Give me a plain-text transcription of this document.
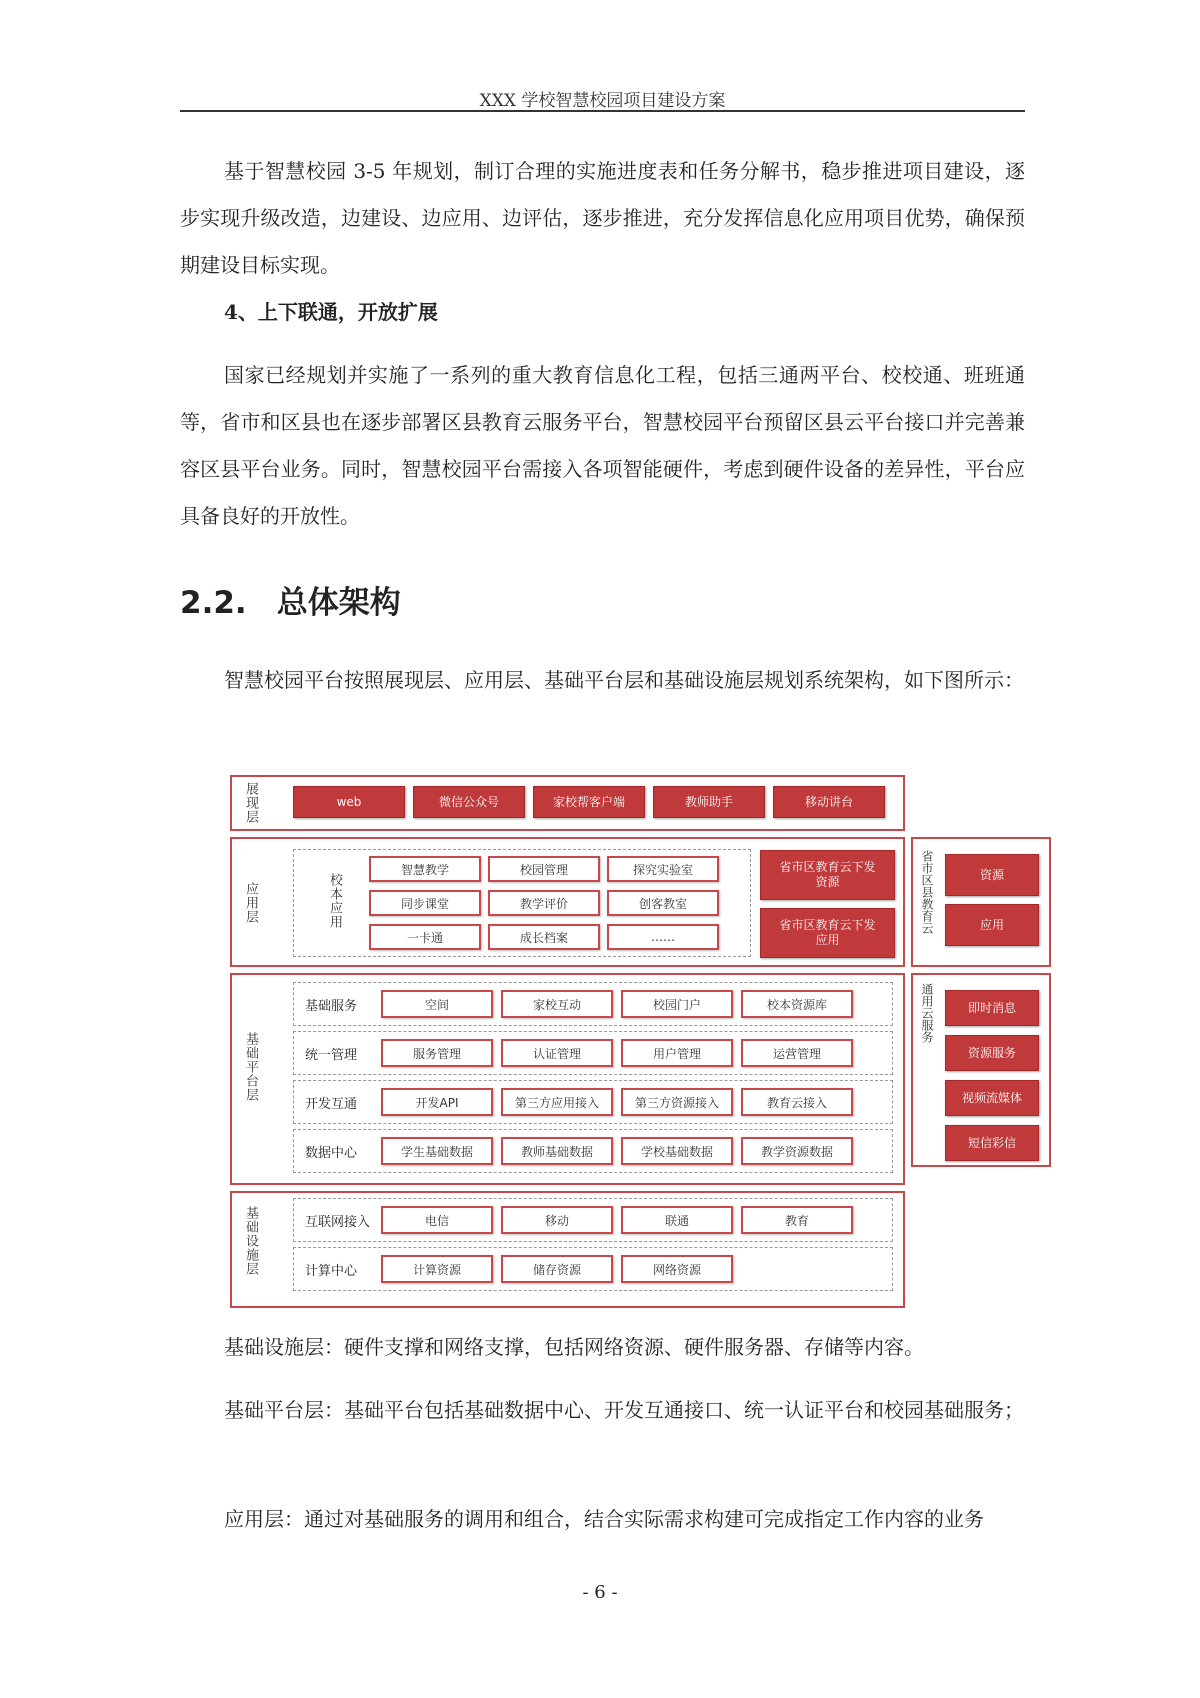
XXX 学校智慧校园项目建设方案

基于智慧校园 3-5 年规划，制订合理的实施进度表和任务分解书，稳步推进项目建设，逐步实现升级改造，边建设、边应用、边评估，逐步推进，充分发挥信息化应用项目优势，确保预期建设目标实现。

4、上下联通，开放扩展

国家已经规划并实施了一系列的重大教育信息化工程，包括三通两平台、校校通、班班通等，省市和区县也在逐步部署区县教育云服务平台，智慧校园平台预留区县云平台接口并完善兼容区县平台业务。同时，智慧校园平台需接入各项智能硬件，考虑到硬件设备的差异性，平台应具备良好的开放性。

2.2. 总体架构

智慧校园平台按照展现层、应用层、基础平台层和基础设施层规划系统架构，如下图所示：

展现层	web	微信公众号	家校帮客户端	教师助手	移动讲台
应用层	校本应用
智慧教学	校园管理	探究实验室
同步课堂	教学评价	创客教室
一卡通	成长档案	……
省市区教育云下发资源
省市区教育云下发应用
基础平台层
基础服务	空间	家校互动	校园门户	校本资源库
统一管理	服务管理	认证管理	用户管理	运营管理
开发互通	开发API	第三方应用接入	第三方资源接入	教育云接入
数据中心	学生基础数据	教师基础数据	学校基础数据	教学资源数据
基础设施层	互联网接入	电信	移动	联通	教育
计算中心	计算资源	储存资源	网络资源
省市区县教育云	资源
应用
通用云服务	即时消息
资源服务
视频流媒体
短信彩信

基础设施层：硬件支撑和网络支撑，包括网络资源、硬件服务器、存储等内容。

基础平台层：基础平台包括基础数据中心、开发互通接口、统一认证平台和校园基础服务；

应用层：通过对基础服务的调用和组合，结合实际需求构建可完成指定工作内容的业务

- 6 -
